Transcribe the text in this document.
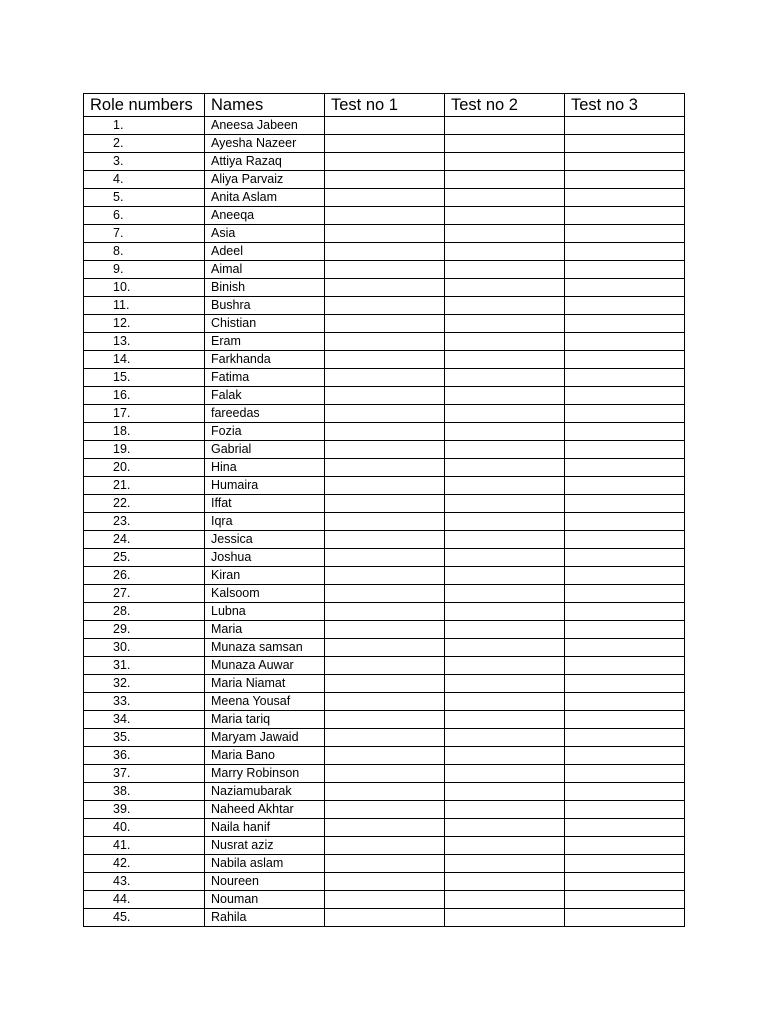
Role numbers	Names	Test no 1	Test no 2	Test no 3
1.	Aneesa Jabeen			
2.	Ayesha Nazeer			
3.	Attiya Razaq			
4.	Aliya Parvaiz			
5.	Anita Aslam			
6.	Aneeqa			
7.	Asia			
8.	Adeel			
9.	Aimal			
10.	Binish			
11.	Bushra			
12.	Chistian			
13.	Eram			
14.	Farkhanda			
15.	Fatima			
16.	Falak			
17.	fareedas			
18.	Fozia			
19.	Gabrial			
20.	Hina			
21.	Humaira			
22.	Iffat			
23.	Iqra			
24.	Jessica			
25.	Joshua			
26.	Kiran			
27.	Kalsoom			
28.	Lubna			
29.	Maria			
30.	Munaza samsan			
31.	Munaza Auwar			
32.	Maria Niamat			
33.	Meena Yousaf			
34.	Maria tariq			
35.	Maryam Jawaid			
36.	Maria Bano			
37.	Marry Robinson			
38.	Naziamubarak			
39.	Naheed Akhtar			
40.	Naila hanif			
41.	Nusrat aziz			
42.	Nabila aslam			
43.	Noureen			
44.	Nouman			
45.	Rahila			
